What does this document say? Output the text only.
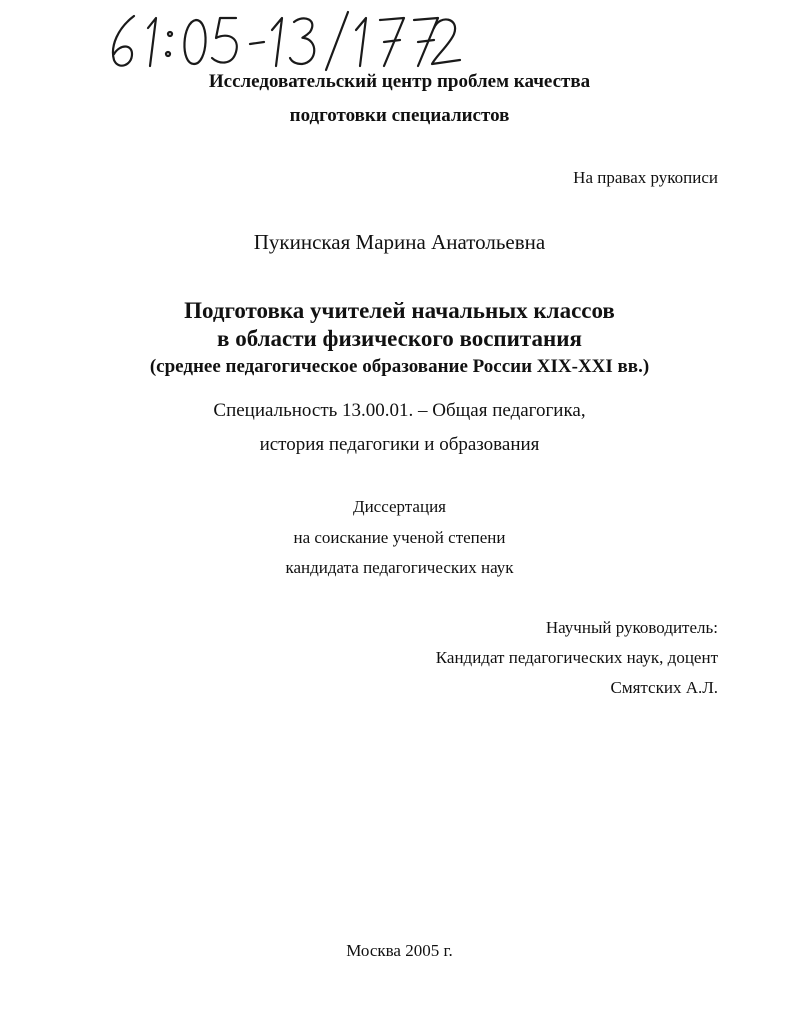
Исследовательский центр проблем качества
подготовки специалистов
На правах рукописи
Пукинская Марина Анатольевна
Подготовка учителей начальных классов
в области физического воспитания
(среднее педагогическое образование России XIX-XXI вв.)
Специальность 13.00.01. – Общая педагогика,
история педагогики и образования
Диссертация
на соискание ученой степени
кандидата педагогических наук
Научный руководитель:
Кандидат педагогических наук, доцент
Смятских А.Л.
Москва 2005 г.
